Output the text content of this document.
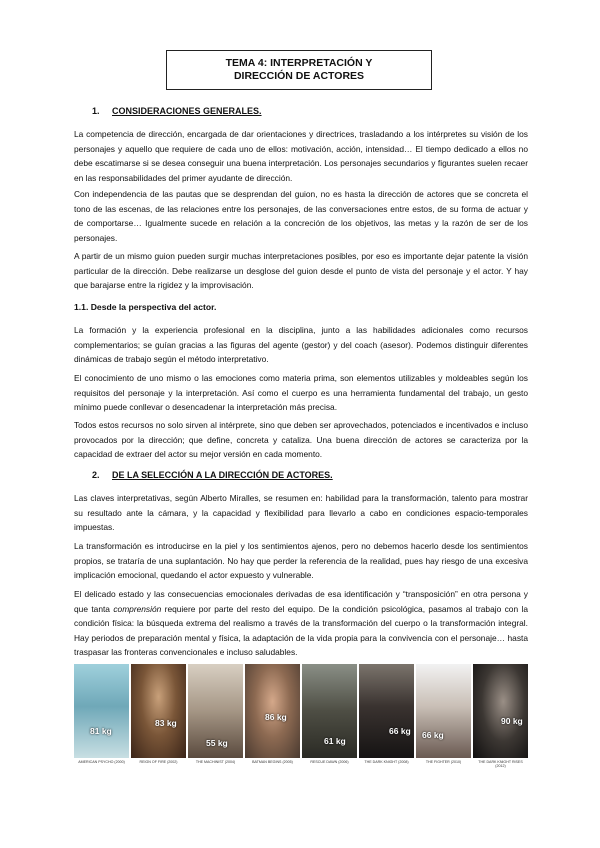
TEMA 4: INTERPRETACIÓN Y
DIRECCIÓN DE ACTORES
1. CONSIDERACIONES GENERALES.

La competencia de dirección, encargada de dar orientaciones y directrices, trasladando a los intérpretes su visión de los personajes y aquello que requiere de cada uno de ellos: motivación, acción, intensidad… El tiempo dedicado a ellos no debe escatimarse si se desea conseguir una buena interpretación. Los personajes secundarios y figurantes suelen recaer en las responsabilidades del primer ayudante de dirección.

Con independencia de las pautas que se desprendan del guion, no es hasta la dirección de actores que se concreta el tono de las escenas, de las relaciones entre los personajes, de las conversaciones entre estos, de su forma de actuar y de comportarse… Igualmente sucede en relación a la concreción de los objetivos, las metas y la razón de ser de los personajes.

A partir de un mismo guion pueden surgir muchas interpretaciones posibles, por eso es importante dejar patente la visión particular de la dirección. Debe realizarse un desglose del guion desde el punto de vista del personaje y el actor. Y hay que barajarse entre la rigidez y la improvisación.

1.1. Desde la perspectiva del actor.

La formación y la experiencia profesional en la disciplina, junto a las habilidades adicionales como recursos complementarios; se guían gracias a las figuras del agente (gestor) y del coach (asesor). Podemos distinguir diferentes dinámicas de trabajo según el método interpretativo.

El conocimiento de uno mismo o las emociones como materia prima, son elementos utilizables y moldeables según los requisitos del personaje y la interpretación. Así como el cuerpo es una herramienta fundamental del trabajo, un gesto mínimo puede conllevar o desencadenar la interpretación más precisa.

Todos estos recursos no solo sirven al intérprete, sino que deben ser aprovechados, potenciados e incentivados e incluso provocados por la dirección; que define, concreta y cataliza. Una buena dirección de actores se caracteriza por la capacidad de extraer del actor su mejor versión en cada momento.

2. DE LA SELECCIÓN A LA DIRECCIÓN DE ACTORES.

Las claves interpretativas, según Alberto Miralles, se resumen en: habilidad para la transformación, talento para mostrar su resultado ante la cámara, y la capacidad y flexibilidad para llevarlo a cabo en condiciones espacio-temporales impuestas.

La transformación es introducirse en la piel y los sentimientos ajenos, pero no debemos hacerlo desde los sentimientos propios, se trataría de una suplantación. No hay que perder la referencia de la realidad, pues hay riesgo de una excesiva implicación emocional, quedando el actor expuesto y vulnerable.

El delicado estado y las consecuencias emocionales derivadas de esa identificación y “transposición” en otra persona y que tanta comprensión requiere por parte del resto del equipo. De la condición psicológica, pasamos al trabajo con la condición física: la búsqueda extrema del realismo a través de la transformación del cuerpo o la transformación integral. Hay periodos de preparación mental y física, la adaptación de la vida propia para la convivencia con el personaje… hasta traspasar las fronteras convencionales e incluso saludables.

81 kg
83 kg
55 kg
86 kg
61 kg
66 kg 66 kg
90 kg
AMERICAN PSYCHO (2000)	REIGN OF FIRE (2002)	THE MACHINIST (2004)	BATMAN BEGINS (2005)	RESCUE DAWN (2006)	THE DARK KNIGHT (2008)	THE FIGHTER (2010)	THE DARK KNIGHT RISES (2012)
